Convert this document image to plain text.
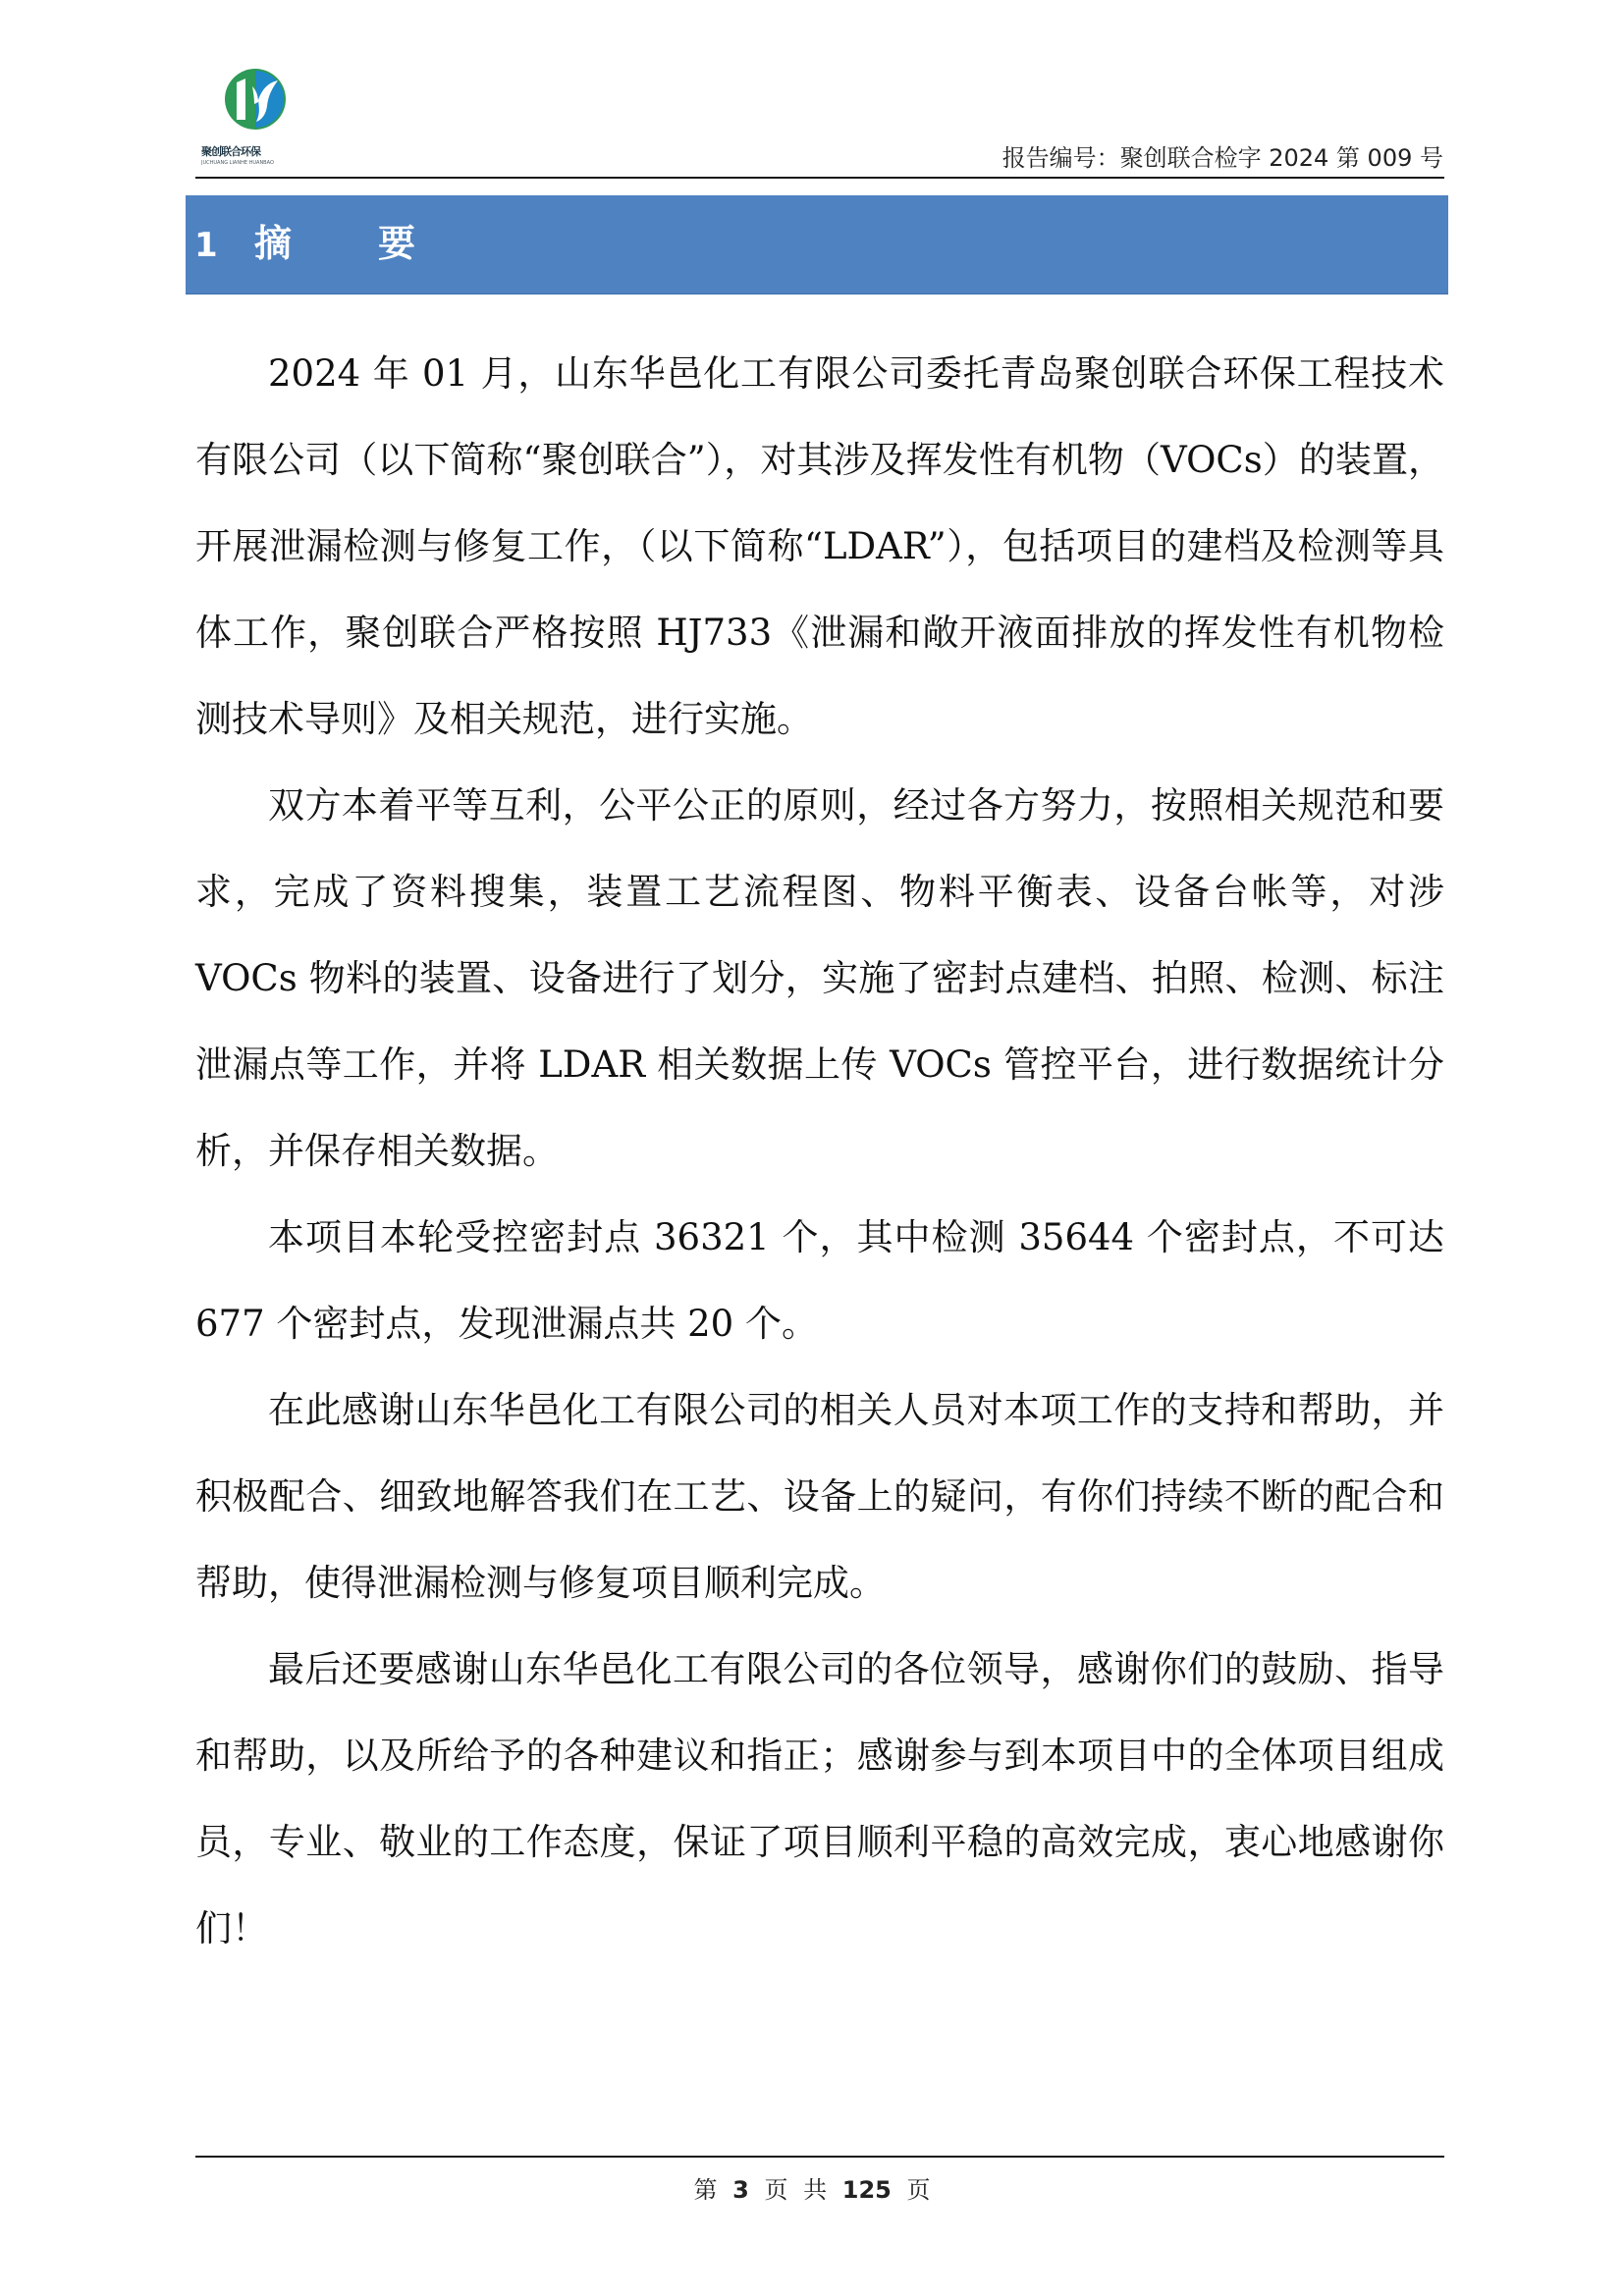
聚创联合环保
JUCHUANG LIANHE HUANBAO	报告编号：聚创联合检字 2024 第 009 号
1 摘要

2024 年 01 月，山东华邑化工有限公司委托青岛聚创联合环保工程技术有限公司（以下简称“聚创联合”），对其涉及挥发性有机物（VOCs）的装置，开展泄漏检测与修复工作，（以下简称“LDAR”），包括项目的建档及检测等具体工作，聚创联合严格按照 HJ733《泄漏和敞开液面排放的挥发性有机物检测技术导则》及相关规范，进行实施。

双方本着平等互利，公平公正的原则，经过各方努力，按照相关规范和要求，完成了资料搜集，装置工艺流程图、物料平衡表、设备台帐等，对涉 VOCs 物料的装置、设备进行了划分，实施了密封点建档、拍照、检测、标注泄漏点等工作，并将 LDAR 相关数据上传 VOCs 管控平台，进行数据统计分析，并保存相关数据。

本项目本轮受控密封点 36321 个，其中检测 35644 个密封点，不可达 677 个密封点，发现泄漏点共 20 个。

在此感谢山东华邑化工有限公司的相关人员对本项工作的支持和帮助，并积极配合、细致地解答我们在工艺、设备上的疑问，有你们持续不断的配合和帮助，使得泄漏检测与修复项目顺利完成。

最后还要感谢山东华邑化工有限公司的各位领导，感谢你们的鼓励、指导和帮助，以及所给予的各种建议和指正；感谢参与到本项目中的全体项目组成员，专业、敬业的工作态度，保证了项目顺利平稳的高效完成，衷心地感谢你们！

第 3 页 共 125 页
